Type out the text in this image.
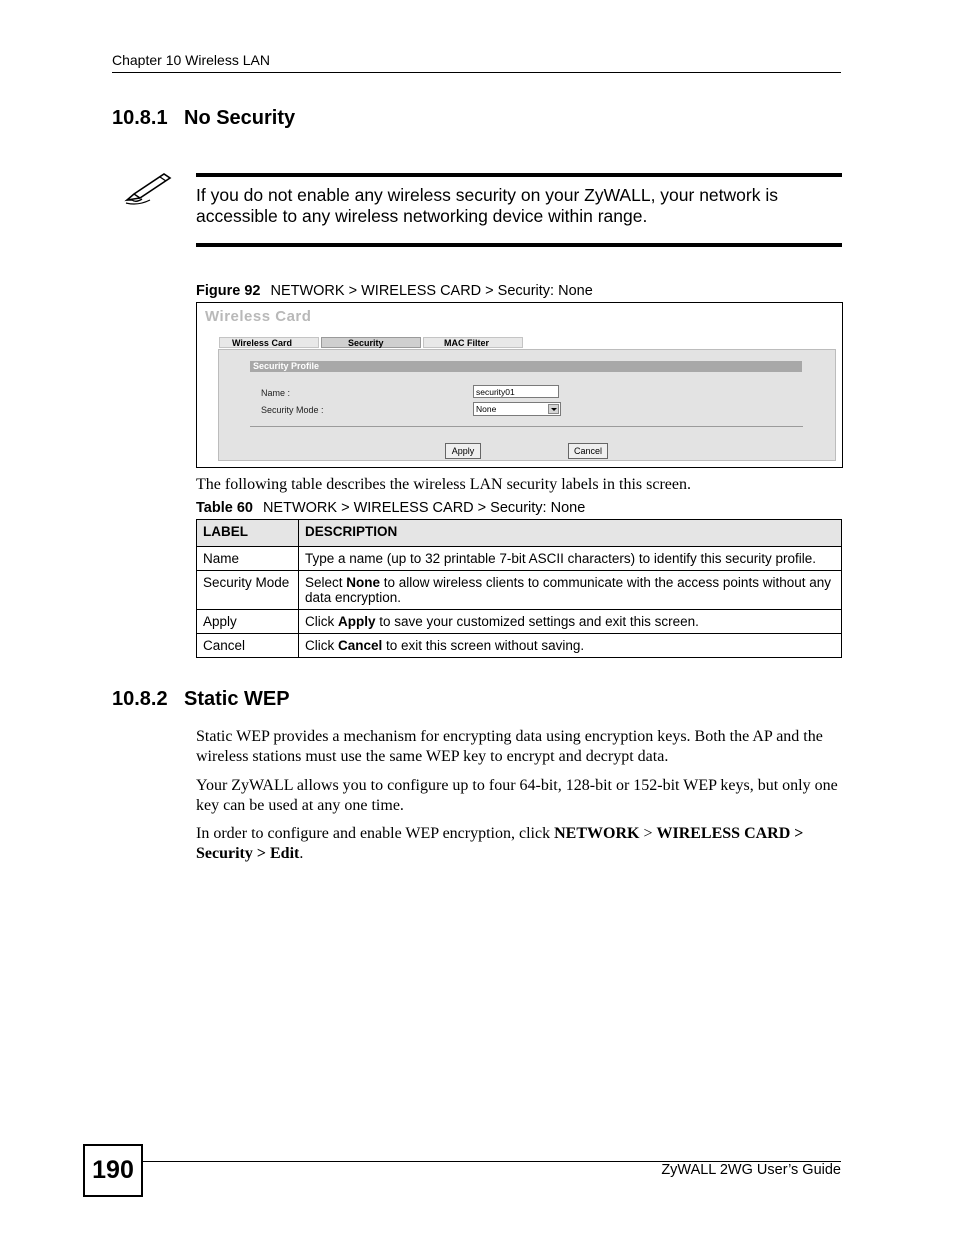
Chapter 10 Wireless LAN
10.8.1 No Security
If you do not enable any wireless security on your ZyWALL, your network is
accessible to any wireless networking device within range.
Figure 92 NETWORK > WIRELESS CARD > Security: None
Wireless Card
Wireless Card	Security	MAC Filter
Security Profile
Name :	security01
Security Mode :	None
Apply	Cancel
The following table describes the wireless LAN security labels in this screen.
Table 60 NETWORK > WIRELESS CARD > Security: None
LABEL	DESCRIPTION
Name	Type a name (up to 32 printable 7-bit ASCII characters) to identify this security profile.
Security Mode	Select None to allow wireless clients to communicate with the access points without any data encryption.
Apply	Click Apply to save your customized settings and exit this screen.
Cancel	Click Cancel to exit this screen without saving.
10.8.2 Static WEP
Static WEP provides a mechanism for encrypting data using encryption keys. Both the AP and the wireless stations must use the same WEP key to encrypt and decrypt data.
Your ZyWALL allows you to configure up to four 64-bit, 128-bit or 152-bit WEP keys, but only one key can be used at any one time.
In order to configure and enable WEP encryption, click NETWORK > WIRELESS CARD > Security > Edit.
190	ZyWALL 2WG User’s Guide
